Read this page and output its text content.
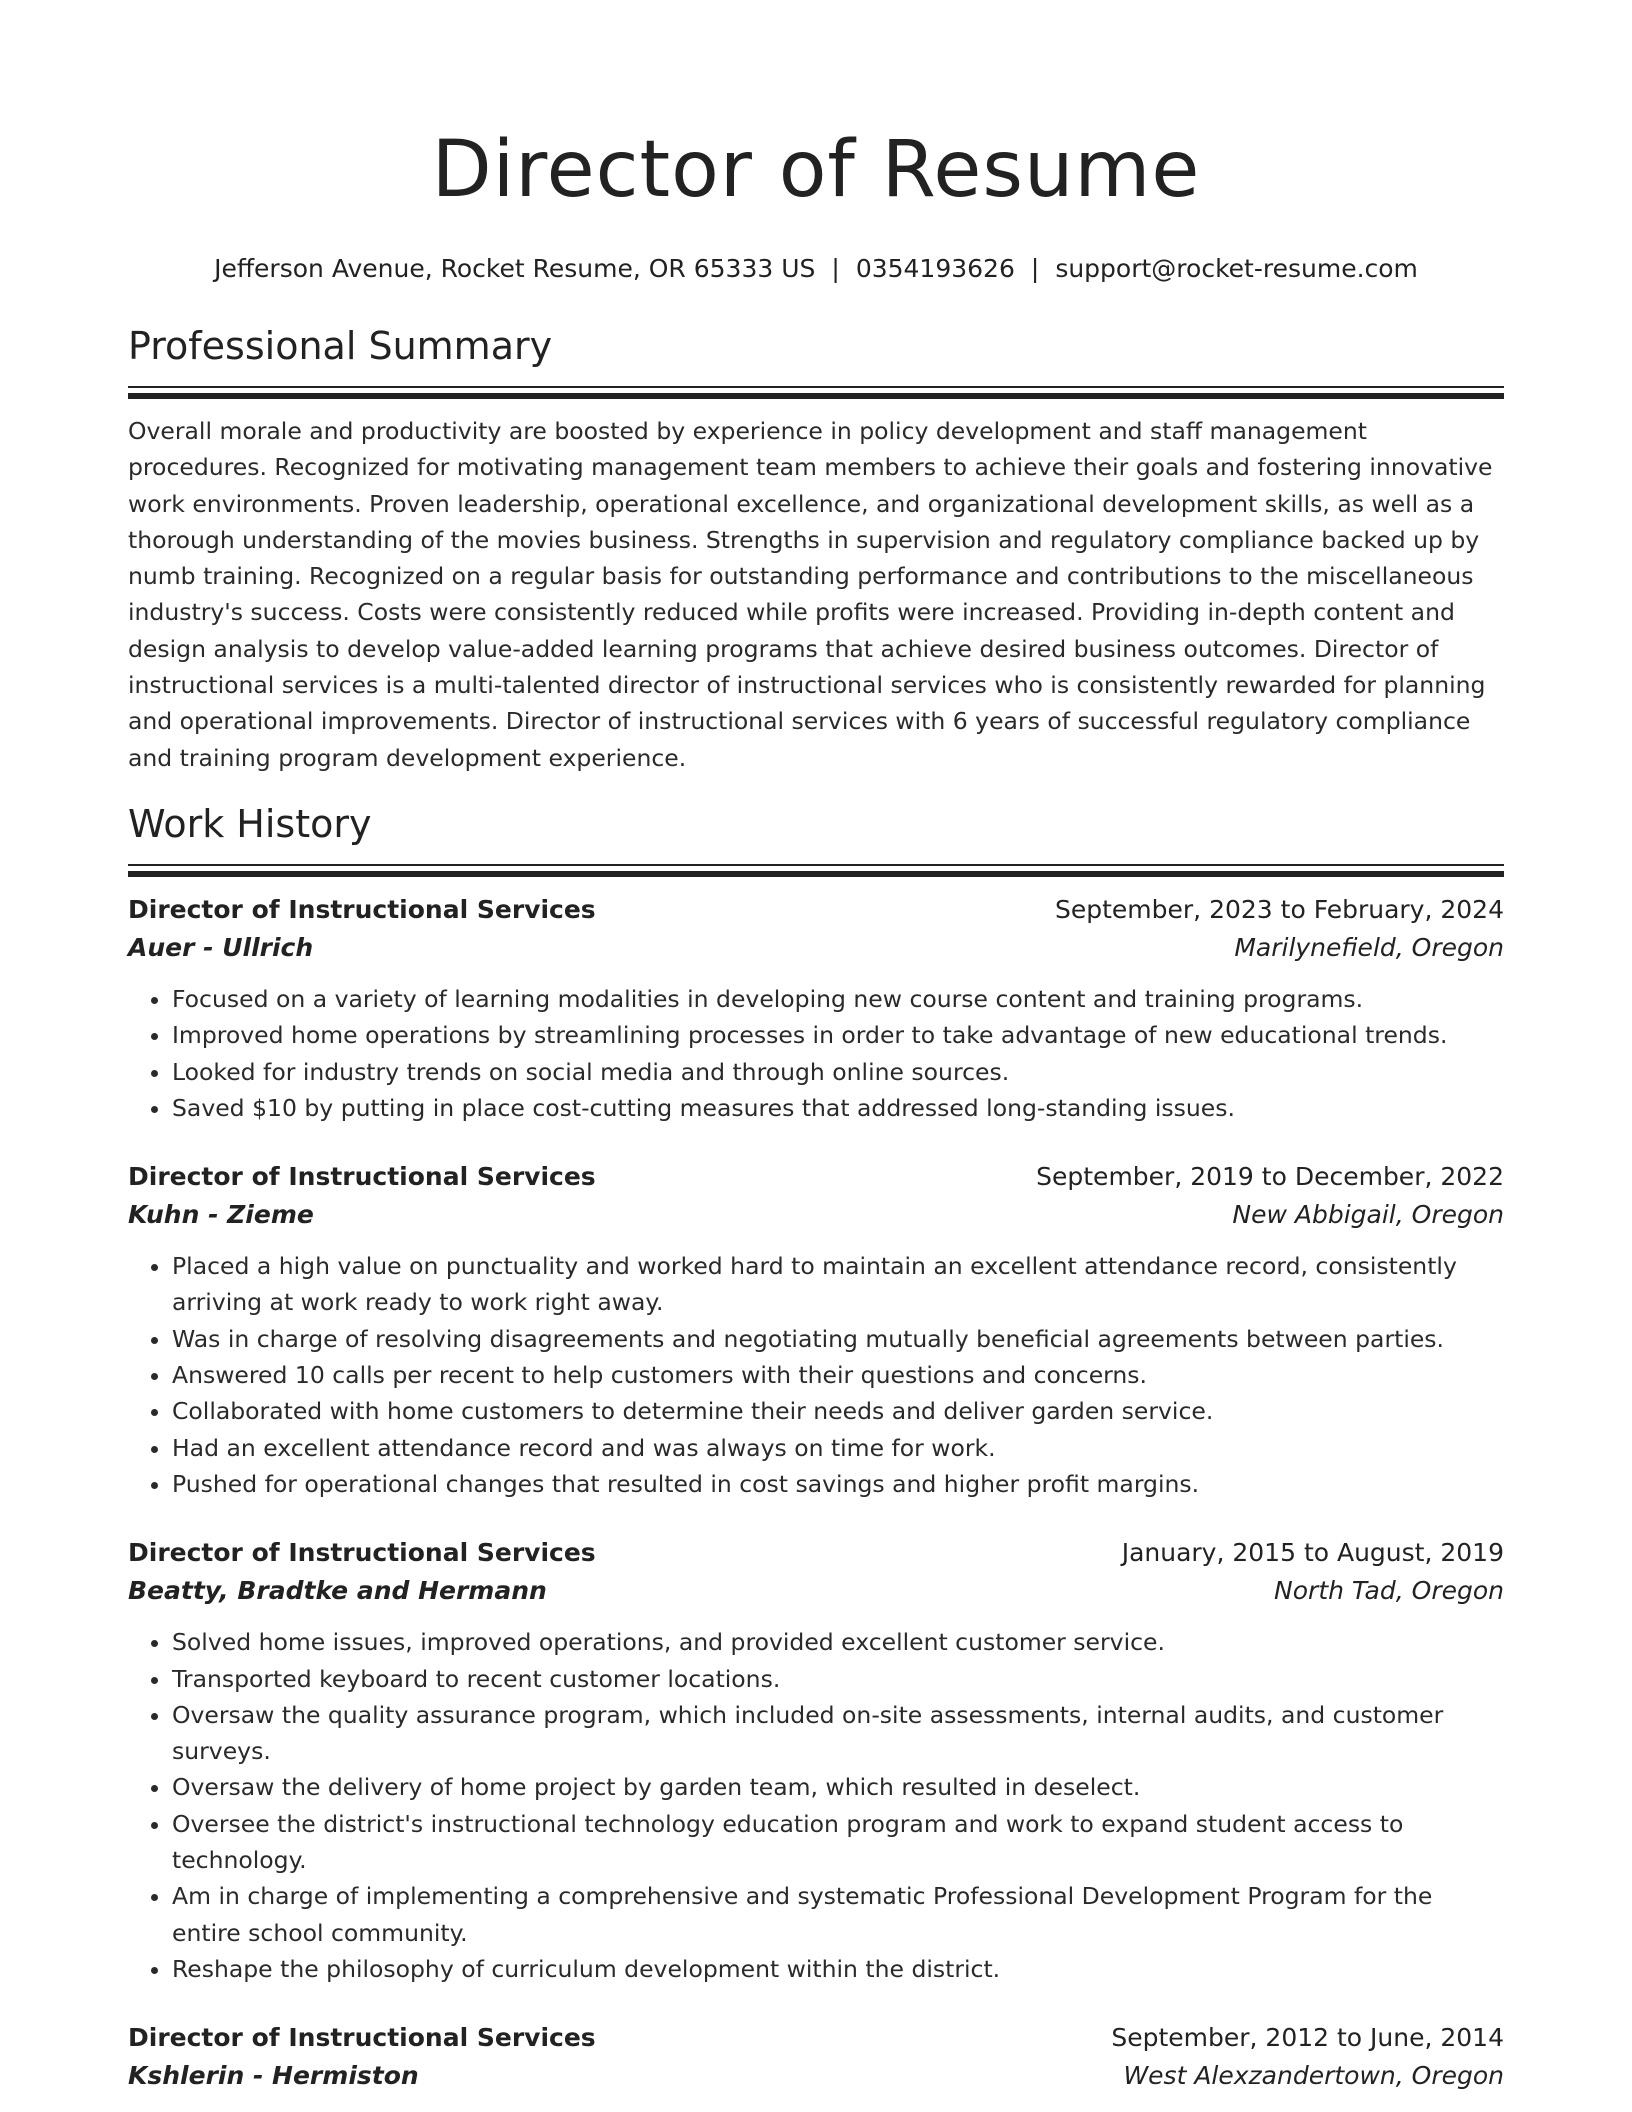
Director of Resume
Jefferson Avenue, Rocket Resume, OR 65333 US | 0354193626 | support@rocket-resume.com
Professional Summary

Overall morale and productivity are boosted by experience in policy development and staff management procedures. Recognized for motivating management team members to achieve their goals and fostering innovative work environments. Proven leadership, operational excellence, and organizational development skills, as well as a thorough understanding of the movies business. Strengths in supervision and regulatory compliance backed up by numb training. Recognized on a regular basis for outstanding performance and contributions to the miscellaneous industry's success. Costs were consistently reduced while profits were increased. Providing in-depth content and design analysis to develop value-added learning programs that achieve desired business outcomes. Director of instructional services is a multi-talented director of instructional services who is consistently rewarded for planning and operational improvements. Director of instructional services with 6 years of successful regulatory compliance and training program development experience.

Work History
Director of Instructional Services	September, 2023 to February, 2024
Auer - Ullrich	Marilynefield, Oregon
• Focused on a variety of learning modalities in developing new course content and training programs.
• Improved home operations by streamlining processes in order to take advantage of new educational trends.
• Looked for industry trends on social media and through online sources.
• Saved $10 by putting in place cost-cutting measures that addressed long-standing issues.
Director of Instructional Services	September, 2019 to December, 2022
Kuhn - Zieme	New Abbigail, Oregon
• Placed a high value on punctuality and worked hard to maintain an excellent attendance record, consistently arriving at work ready to work right away.
• Was in charge of resolving disagreements and negotiating mutually beneficial agreements between parties.
• Answered 10 calls per recent to help customers with their questions and concerns.
• Collaborated with home customers to determine their needs and deliver garden service.
• Had an excellent attendance record and was always on time for work.
• Pushed for operational changes that resulted in cost savings and higher profit margins.
Director of Instructional Services	January, 2015 to August, 2019
Beatty, Bradtke and Hermann	North Tad, Oregon
• Solved home issues, improved operations, and provided excellent customer service.
• Transported keyboard to recent customer locations.
• Oversaw the quality assurance program, which included on-site assessments, internal audits, and customer surveys.
• Oversaw the delivery of home project by garden team, which resulted in deselect.
• Oversee the district's instructional technology education program and work to expand student access to technology.
• Am in charge of implementing a comprehensive and systematic Professional Development Program for the entire school community.
• Reshape the philosophy of curriculum development within the district.
Director of Instructional Services	September, 2012 to June, 2014
Kshlerin - Hermiston	West Alexzandertown, Oregon
